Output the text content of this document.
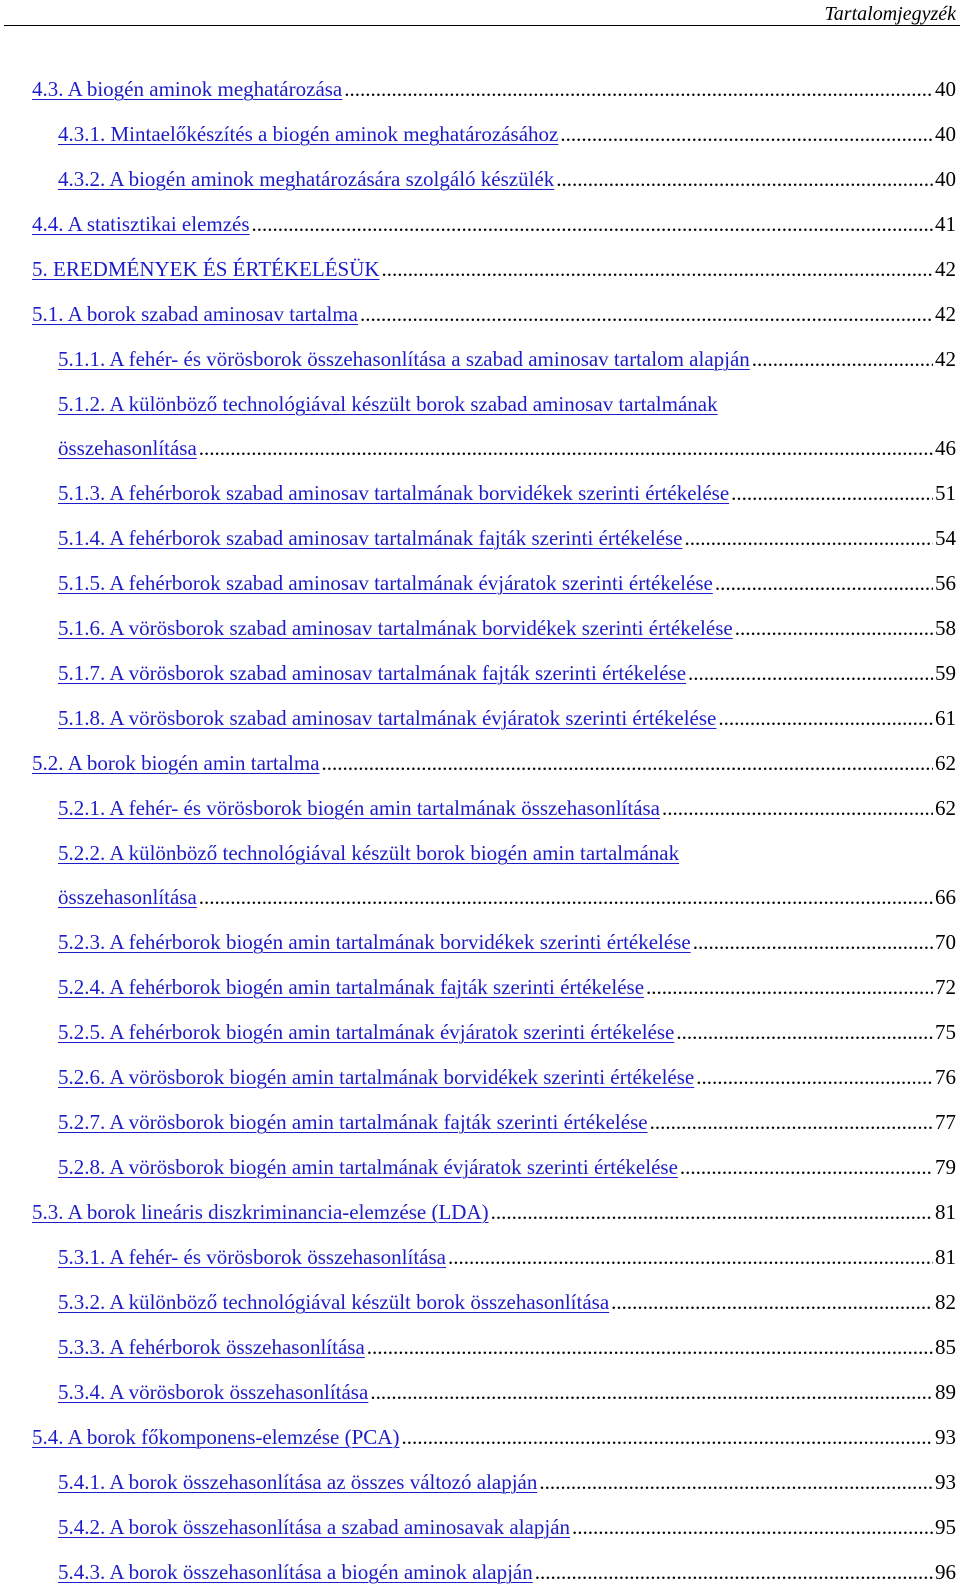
Tartalomjegyzék
4.3. A biogén aminok meghatározása .....	40
4.3.1. Mintaelőkészítés a biogén aminok meghatározásához .....	40
4.3.2. A biogén aminok meghatározására szolgáló készülék .....	40
4.4. A statisztikai elemzés .....	41
5. EREDMÉNYEK ÉS ÉRTÉKELÉSÜK .....	42
5.1. A borok szabad aminosav tartalma .....	42
5.1.1. A fehér- és vörösborok összehasonlítása a szabad aminosav tartalom alapján .....	42
5.1.2. A különböző technológiával készült borok szabad aminosav tartalmának
összehasonlítása .....	46
5.1.3. A fehérborok szabad aminosav tartalmának borvidékek szerinti értékelése .....	51
5.1.4. A fehérborok szabad aminosav tartalmának fajták szerinti értékelése .....	54
5.1.5. A fehérborok szabad aminosav tartalmának évjáratok szerinti értékelése .....	56
5.1.6. A vörösborok szabad aminosav tartalmának borvidékek szerinti értékelése .....	58
5.1.7. A vörösborok szabad aminosav tartalmának fajták szerinti értékelése .....	59
5.1.8. A vörösborok szabad aminosav tartalmának évjáratok szerinti értékelése .....	61
5.2. A borok biogén amin tartalma .....	62
5.2.1. A fehér- és vörösborok biogén amin tartalmának összehasonlítása .....	62
5.2.2. A különböző technológiával készült borok biogén amin tartalmának
összehasonlítása .....	66
5.2.3. A fehérborok biogén amin tartalmának borvidékek szerinti értékelése .....	70
5.2.4. A fehérborok biogén amin tartalmának fajták szerinti értékelése .....	72
5.2.5. A fehérborok biogén amin tartalmának évjáratok szerinti értékelése .....	75
5.2.6. A vörösborok biogén amin tartalmának borvidékek szerinti értékelése .....	76
5.2.7. A vörösborok biogén amin tartalmának fajták szerinti értékelése .....	77
5.2.8. A vörösborok biogén amin tartalmának évjáratok szerinti értékelése .....	79
5.3. A borok lineáris diszkriminancia-elemzése (LDA) .....	81
5.3.1. A fehér- és vörösborok összehasonlítása .....	81
5.3.2. A különböző technológiával készült borok összehasonlítása .....	82
5.3.3. A fehérborok összehasonlítása .....	85
5.3.4. A vörösborok összehasonlítása .....	89
5.4. A borok főkomponens-elemzése (PCA) .....	93
5.4.1. A borok összehasonlítása az összes változó alapján .....	93
5.4.2. A borok összehasonlítása a szabad aminosavak alapján .....	95
5.4.3. A borok összehasonlítása a biogén aminok alapján .....	96
